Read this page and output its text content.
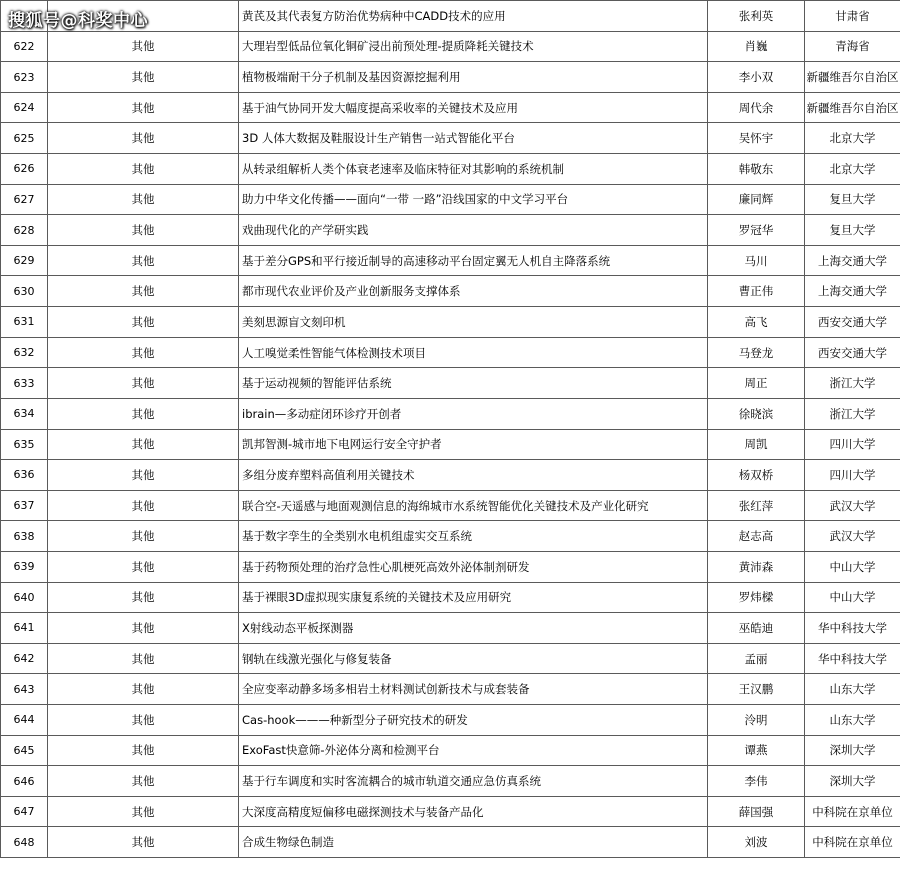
		黄芪及其代表复方防治优势病种中CADD技术的应用	张利英	甘肃省
622	其他	大理岩型低品位氧化铜矿浸出前预处理-提质降耗关键技术	肖巍	青海省
623	其他	植物极端耐干分子机制及基因资源挖掘利用	李小双	新疆维吾尔自治区
624	其他	基于油气协同开发大幅度提高采收率的关键技术及应用	周代余	新疆维吾尔自治区
625	其他	3D 人体大数据及鞋服设计生产销售一站式智能化平台	吴怀宇	北京大学
626	其他	从转录组解析人类个体衰老速率及临床特征对其影响的系统机制	韩敬东	北京大学
627	其他	助力中华文化传播——面向“一带 一路”沿线国家的中文学习平台	廉同辉	复旦大学
628	其他	戏曲现代化的产学研实践	罗冠华	复旦大学
629	其他	基于差分GPS和平行接近制导的高速移动平台固定翼无人机自主降落系统	马川	上海交通大学
630	其他	都市现代农业评价及产业创新服务支撑体系	曹正伟	上海交通大学
631	其他	美刻思源盲文刻印机	高飞	西安交通大学
632	其他	人工嗅觉柔性智能气体检测技术项目	马登龙	西安交通大学
633	其他	基于运动视频的智能评估系统	周正	浙江大学
634	其他	ibrain—多动症闭环诊疗开创者	徐晓滨	浙江大学
635	其他	凯邦智测-城市地下电网运行安全守护者	周凯	四川大学
636	其他	多组分废弃塑料高值利用关键技术	杨双桥	四川大学
637	其他	联合空-天遥感与地面观测信息的海绵城市水系统智能优化关键技术及产业化研究	张红萍	武汉大学
638	其他	基于数字孪生的全类别水电机组虚实交互系统	赵志高	武汉大学
639	其他	基于药物预处理的治疗急性心肌梗死高效外泌体制剂研发	黄沛森	中山大学
640	其他	基于裸眼3D虚拟现实康复系统的关键技术及应用研究	罗炜樑	中山大学
641	其他	X射线动态平板探测器	巫皓迪	华中科技大学
642	其他	钢轨在线激光强化与修复装备	孟丽	华中科技大学
643	其他	全应变率动静多场多相岩土材料测试创新技术与成套装备	王汉鹏	山东大学
644	其他	Cas-hook———种新型分子研究技术的研发	泠明	山东大学
645	其他	ExoFast快意筛-外泌体分离和检测平台	谭燕	深圳大学
646	其他	基于行车调度和实时客流耦合的城市轨道交通应急仿真系统	李伟	深圳大学
647	其他	大深度高精度短偏移电磁探测技术与装备产品化	薛国强	中科院在京单位
648	其他	合成生物绿色制造	刘波	中科院在京单位
搜狐号@科奖中心
